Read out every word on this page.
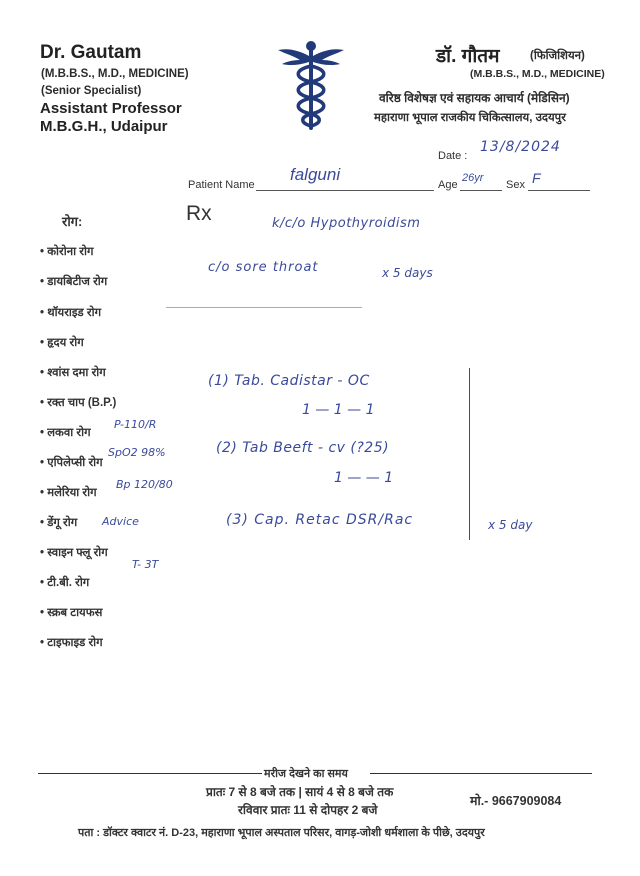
Dr. Gautam
(M.B.B.S., M.D., MEDICINE)
(Senior Specialist)
Assistant Professor
M.B.G.H., Udaipur
डॉ. गौतम	(फिजिशियन)
(M.B.B.S., M.D., MEDICINE)
वरिष्ठ विशेषज्ञ एवं सहायक आचार्य (मेडिसिन)
महाराणा भूपाल राजकीय चिकित्सालय, उदयपुर
Date :
13/8/2024
Patient Name
falguni
Age
26yr
Sex F
रोग:
• कोरोना रोग
• डायबिटीज रोग
• थॉयराइड रोग
• हृदय रोग
• श्वांस दमा रोग
• रक्त चाप (B.P.)
• लकवा रोग
• एपिलेप्सी रोग
• मलेरिया रोग
• डेंगू रोग
• स्वाइन फ्लू रोग
• टी.बी. रोग
• स्क्रब टायफस
• टाइफाइड रोग
P-110/R
SpO2 98%
Bp 120/80
Advice
T- 3T
Rx	k/c/o Hypothyroidism
c/o sore throat	x 5 days
(1) Tab. Cadistar - OC
1 — 1 — 1
(2) Tab Beeft - cv (?25)
1 — — 1
(3) Cap. Retac DSR/Rac	x 5 day
मरीज देखने का समय
प्रातः 7 से 8 बजे तक | सायं 4 से 8 बजे तक
रविवार प्रातः 11 से दोपहर 2 बजे
मो.- 9667909084
पता : डॉक्टर क्वाटर नं. D-23, महाराणा भूपाल अस्पताल परिसर, वागड़-जोशी धर्मशाला के पीछे, उदयपुर
